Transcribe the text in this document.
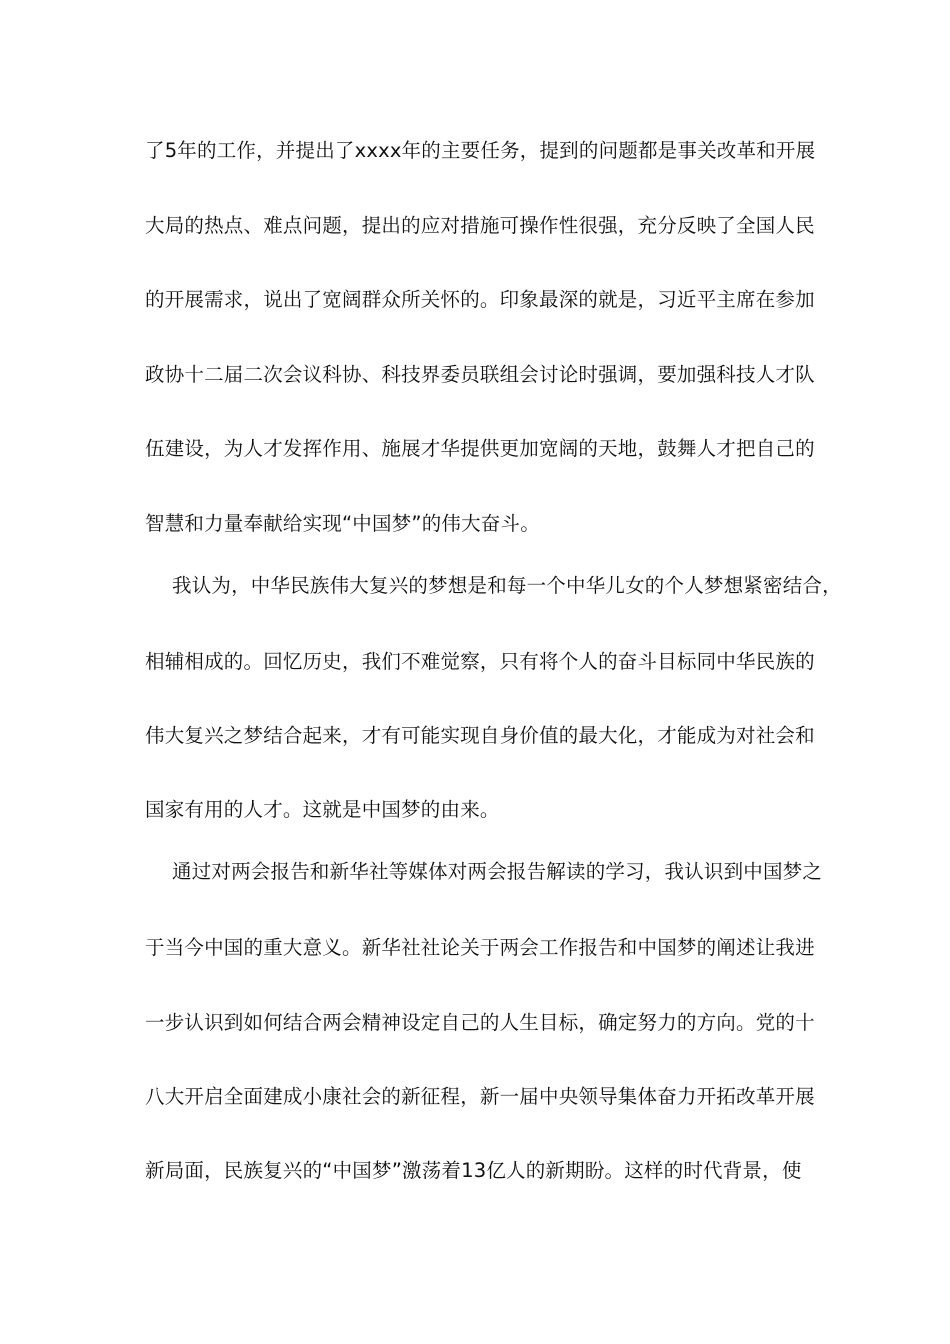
了5年的工作，并提出了xxxx年的主要任务，提到的问题都是事关改革和开展
大局的热点、难点问题，提出的应对措施可操作性很强，充分反映了全国人民
的开展需求，说出了宽阔群众所关怀的。印象最深的就是，习近平主席在参加
政协十二届二次会议科协、科技界委员联组会讨论时强调，要加强科技人才队
伍建设，为人才发挥作用、施展才华提供更加宽阔的天地，鼓舞人才把自己的
智慧和力量奉献给实现“中国梦”的伟大奋斗。
我认为，中华民族伟大复兴的梦想是和每一个中华儿女的个人梦想紧密结合，
相辅相成的。回忆历史，我们不难觉察，只有将个人的奋斗目标同中华民族的
伟大复兴之梦结合起来，才有可能实现自身价值的最大化，才能成为对社会和
国家有用的人才。这就是中国梦的由来。
通过对两会报告和新华社等媒体对两会报告解读的学习，我认识到中国梦之
于当今中国的重大意义。新华社社论关于两会工作报告和中国梦的阐述让我进
一步认识到如何结合两会精神设定自己的人生目标，确定努力的方向。党的十
八大开启全面建成小康社会的新征程，新一届中央领导集体奋力开拓改革开展
新局面，民族复兴的“中国梦”激荡着13亿人的新期盼。这样的时代背景，使
